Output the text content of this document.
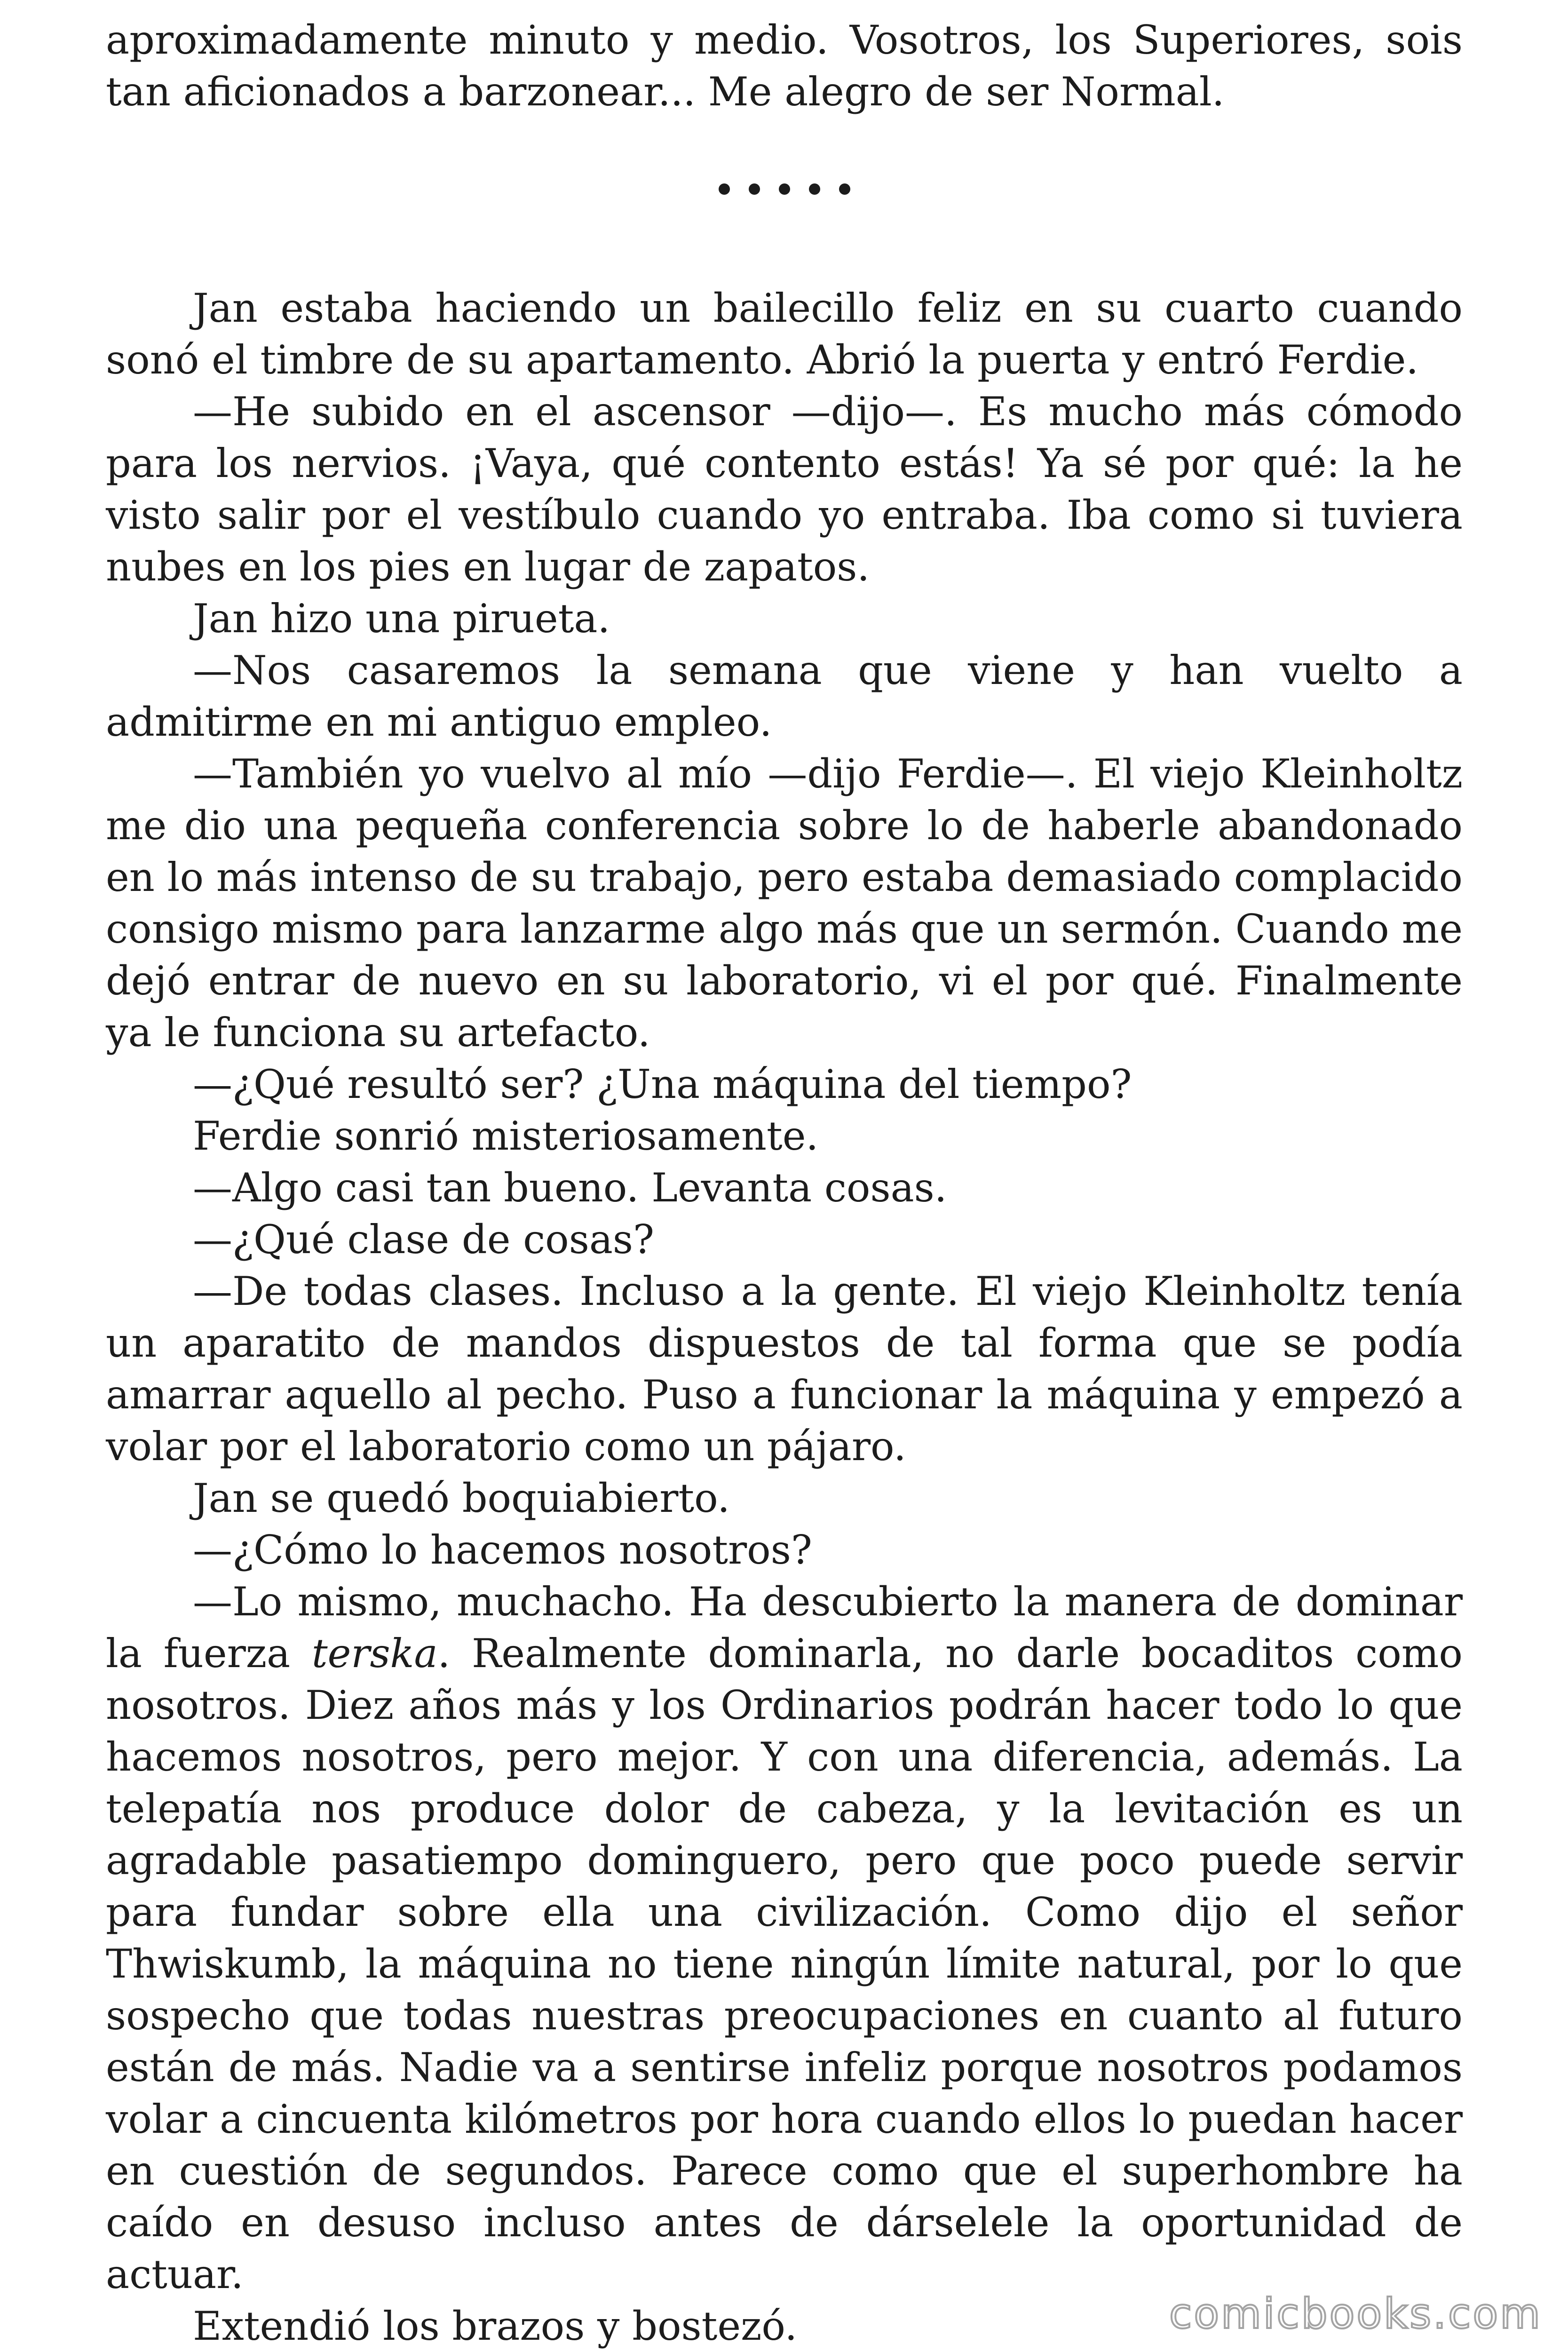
aproximadamente minuto y medio. Vosotros, los Superiores, sois tan aficionados a barzonear... Me alegro de ser Normal.

Jan estaba haciendo un bailecillo feliz en su cuarto cuando sonó el timbre de su apartamento. Abrió la puerta y entró Ferdie.

—He subido en el ascensor —dijo—. Es mucho más cómodo para los nervios. ¡Vaya, qué contento estás! Ya sé por qué: la he visto salir por el vestíbulo cuando yo entraba. Iba como si tuviera nubes en los pies en lugar de zapatos.

Jan hizo una pirueta.

—Nos casaremos la semana que viene y han vuelto a admitirme en mi antiguo empleo.

—También yo vuelvo al mío —dijo Ferdie—. El viejo Kleinholtz me dio una pequeña conferencia sobre lo de haberle abandonado en lo más intenso de su trabajo, pero estaba demasiado complacido consigo mismo para lanzarme algo más que un sermón. Cuando me dejó entrar de nuevo en su laboratorio, vi el por qué. Finalmente ya le funciona su artefacto.

—¿Qué resultó ser? ¿Una máquina del tiempo?

Ferdie sonrió misteriosamente.

—Algo casi tan bueno. Levanta cosas.

—¿Qué clase de cosas?

—De todas clases. Incluso a la gente. El viejo Kleinholtz tenía un aparatito de mandos dispuestos de tal forma que se podía amarrar aquello al pecho. Puso a funcionar la máquina y empezó a volar por el laboratorio como un pájaro.

Jan se quedó boquiabierto.

—¿Cómo lo hacemos nosotros?

—Lo mismo, muchacho. Ha descubierto la manera de dominar la fuerza terska. Realmente dominarla, no darle bocaditos como nosotros. Diez años más y los Ordinarios podrán hacer todo lo que hacemos nosotros, pero mejor. Y con una diferencia, además. La telepatía nos produce dolor de cabeza, y la levitación es un agradable pasatiempo dominguero, pero que poco puede servir para fundar sobre ella una civilización. Como dijo el señor Thwiskumb, la máquina no tiene ningún límite natural, por lo que sospecho que todas nuestras preocupaciones en cuanto al futuro están de más. Nadie va a sentirse infeliz porque nosotros podamos volar a cincuenta kilómetros por hora cuando ellos lo puedan hacer en cuestión de segundos. Parece como que el superhombre ha caído en desuso incluso antes de dárselele la oportunidad de actuar.

Extendió los brazos y bostezó.	comicbooks.com
